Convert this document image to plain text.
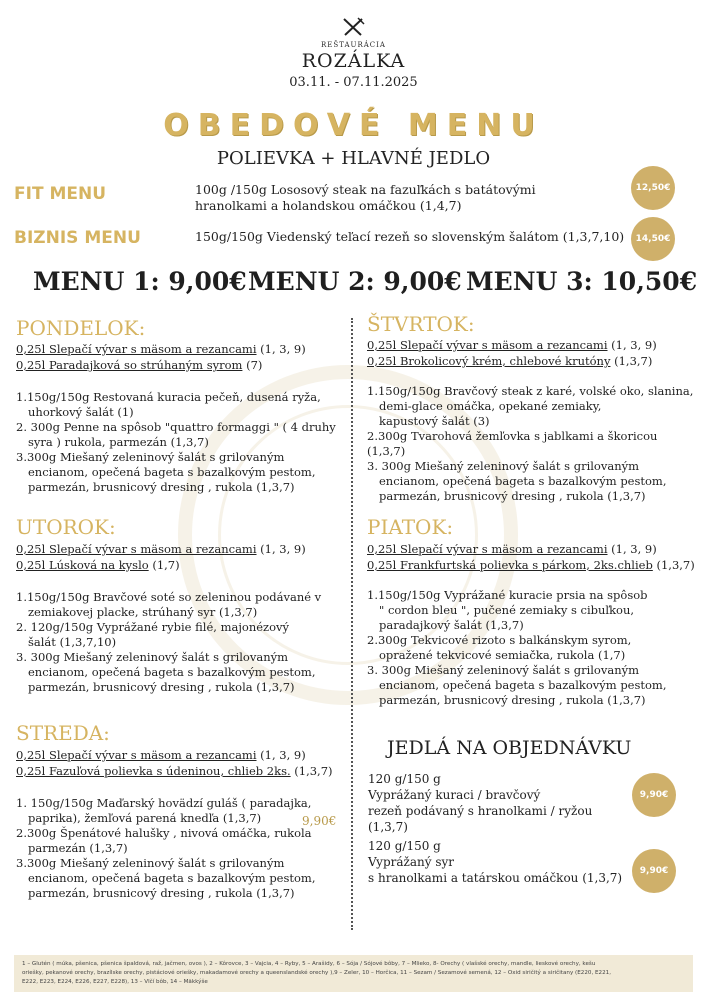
REŠTAURÁCIA
ROZÁLKA
03.11. - 07.11.2025
OBEDOVÉ MENU
POLIEVKA + HLAVNÉ JEDLO
FIT MENU	100g /150g Lososový steak na fazuľkách s batátovými
hranolkami a holandskou omáčkou (1,4,7)
12,50€
BIZNIS MENU	150g/150g Viedenský teľací rezeň so slovenským šalátom (1,3,7,10)	14,50€
MENU 1: 9,00€ MENU 2: 9,00€ MENU 3: 10,50€
PONDELOK:
0,25l Slepačí vývar s mäsom a rezancami (1, 3, 9)
0,25l Paradajková so strúhaným syrom (7)
1.150g/150g Restovaná kuracia pečeň, dusená ryža,
uhorkový šalát (1)
2. 300g Penne na spôsob "quattro formaggi " ( 4 druhy
syra ) rukola, parmezán (1,3,7)
3.300g Miešaný zeleninový šalát s grilovaným
encianom, opečená bageta s bazalkovým pestom,
parmezán, brusnicový dresing , rukola (1,3,7)
UTOROK:
0,25l Slepačí vývar s mäsom a rezancami (1, 3, 9)
0,25l Lúsková na kyslo (1,7)
1.150g/150g Bravčové soté so zeleninou podávané v
zemiakovej placke, strúhaný syr (1,3,7)
2. 120g/150g Vyprážané rybie filé, majonézový
šalát (1,3,7,10)
3. 300g Miešaný zeleninový šalát s grilovaným
encianom, opečená bageta s bazalkovým pestom,
parmezán, brusnicový dresing , rukola (1,3,7)
STREDA:
0,25l Slepačí vývar s mäsom a rezancami (1, 3, 9)
0,25l Fazuľová polievka s údeninou, chlieb 2ks. (1,3,7)
1. 150g/150g Maďarský hovädzí guláš ( paradajka,
paprika), žemľová parená knedľa (1,3,7)
2.300g Špenátové halušky , nivová omáčka, rukola
parmezán (1,3,7)
3.300g Miešaný zeleninový šalát s grilovaným
encianom, opečená bageta s bazalkovým pestom,
parmezán, brusnicový dresing , rukola (1,3,7)
9,90€
ŠTVRTOK:
0,25l Slepačí vývar s mäsom a rezancami (1, 3, 9)
0,25l Brokolicový krém, chlebové krutóny (1,3,7)
1.150g/150g Bravčový steak z karé, volské oko, slanina,
demi-glace omáčka, opekané zemiaky,
kapustový šalát (3)
2.300g Tvarohová žemľovka s jablkami a škoricou (1,3,7)
3. 300g Miešaný zeleninový šalát s grilovaným
encianom, opečená bageta s bazalkovým pestom,
parmezán, brusnicový dresing , rukola (1,3,7)
PIATOK:
0,25l Slepačí vývar s mäsom a rezancami (1, 3, 9)
0,25l Frankfurtská polievka s párkom, 2ks.chlieb (1,3,7)
1.150g/150g Vyprážané kuracie prsia na spôsob
" cordon bleu ", pučené zemiaky s cibuľkou,
paradajkový šalát (1,3,7)
2.300g Tekvicové rizoto s balkánskym syrom,
opražené tekvicové semiačka, rukola (1,7)
3. 300g Miešaný zeleninový šalát s grilovaným
encianom, opečená bageta s bazalkovým pestom,
parmezán, brusnicový dresing , rukola (1,3,7)
JEDLÁ NA OBJEDNÁVKU
120 g/150 g
Vyprážaný kuraci / bravčový
rezeň podávaný s hranolkami / ryžou
(1,3,7)
9,90€
120 g/150 g
Vyprážaný syr
s hranolkami a tatárskou omáčkou (1,3,7)	9,90€
1 – Glutén ( múka, pšenica, pšenica špaldová, raž, jačmen, ovos ), 2 – Kôrovce, 3 – Vajcia, 4 – Ryby, 5 – Arašidy, 6 – Sója / Sójové bôby, 7 – Mlieko, 8- Orechy ( vlašské orechy, mandle, lieskové orechy, kešu
oriešky, pekanové orechy, brazílske orechy, pistáciové oriešky, makadamové orechy a queenslandské orechy ),9 – Zeler, 10 – Horčica, 11 – Sezam / Sezamové semená, 12 – Oxid siričitý a siričitany (E220, E221,
E222, E223, E224, E226, E227, E228), 13 – Vlčí bôb, 14 – Mäkkýše
